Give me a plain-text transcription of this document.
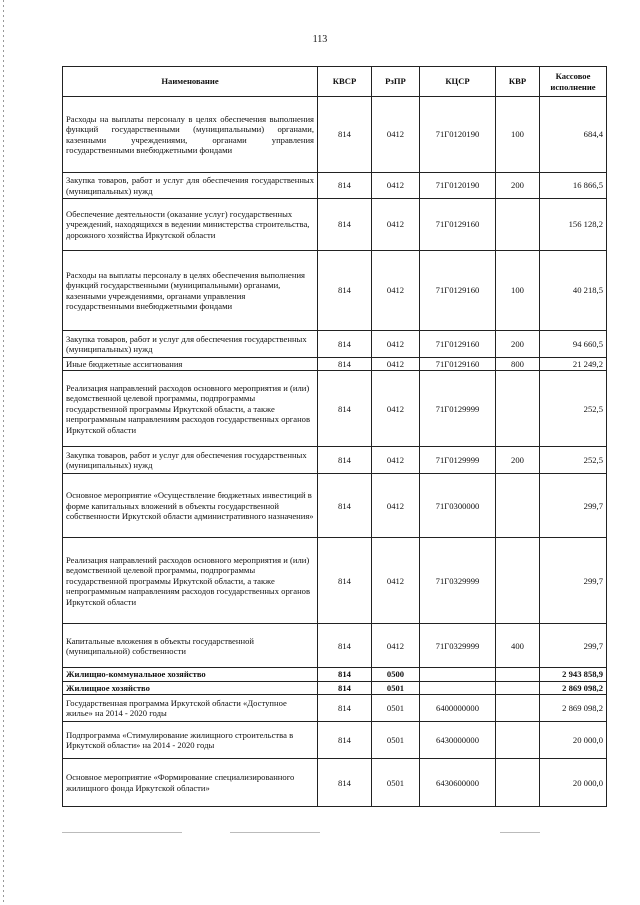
113
Наименование	КВСР	РзПР	КЦСР	КВР	Кассовое исполнение
Расходы на выплаты персоналу в целях обеспечения выполнения функций государственными (муниципальными) органами, казенными учреждениями, органами управления государственными внебюджетными фондами	814	0412	71Г0120190	100	684,4
Закупка товаров, работ и услуг для обеспечения государственных (муниципальных) нужд	814	0412	71Г0120190	200	16 866,5
Обеспечение деятельности (оказание услуг) государственных учреждений, находящихся в ведении министерства строительства, дорожного хозяйства Иркутской области	814	0412	71Г0129160		156 128,2
Расходы на выплаты персоналу в целях обеспечения выполнения функций государственными (муниципальными) органами, казенными учреждениями, органами управления государственными внебюджетными фондами	814	0412	71Г0129160	100	40 218,5
Закупка товаров, работ и услуг для обеспечения государственных (муниципальных) нужд	814	0412	71Г0129160	200	94 660,5
Иные бюджетные ассигнования	814	0412	71Г0129160	800	21 249,2
Реализация направлений расходов основного мероприятия и (или) ведомственной целевой программы, подпрограммы государственной программы Иркутской области, а также непрограммным направлениям расходов государственных органов Иркутской области	814	0412	71Г0129999		252,5
Закупка товаров, работ и услуг для обеспечения государственных (муниципальных) нужд	814	0412	71Г0129999	200	252,5
Основное мероприятие «Осуществление бюджетных инвестиций в форме капитальных вложений в объекты государственной собственности Иркутской области административного назначения»	814	0412	71Г0300000		299,7
Реализация направлений расходов основного мероприятия и (или) ведомственной целевой программы, подпрограммы государственной программы Иркутской области, а также непрограммным направлениям расходов государственных органов Иркутской области	814	0412	71Г0329999		299,7
Капитальные вложения в объекты государственной (муниципальной) собственности	814	0412	71Г0329999	400	299,7
Жилищно-коммунальное хозяйство	814	0500			2 943 858,9
Жилищное хозяйство	814	0501			2 869 098,2
Государственная программа Иркутской области «Доступное жилье» на 2014 - 2020 годы	814	0501	6400000000		2 869 098,2
Подпрограмма «Стимулирование жилищного строительства в Иркутской области» на 2014 - 2020 годы	814	0501	6430000000		20 000,0
Основное мероприятие «Формирование специализированного жилищного фонда Иркутской области»	814	0501	6430600000		20 000,0
